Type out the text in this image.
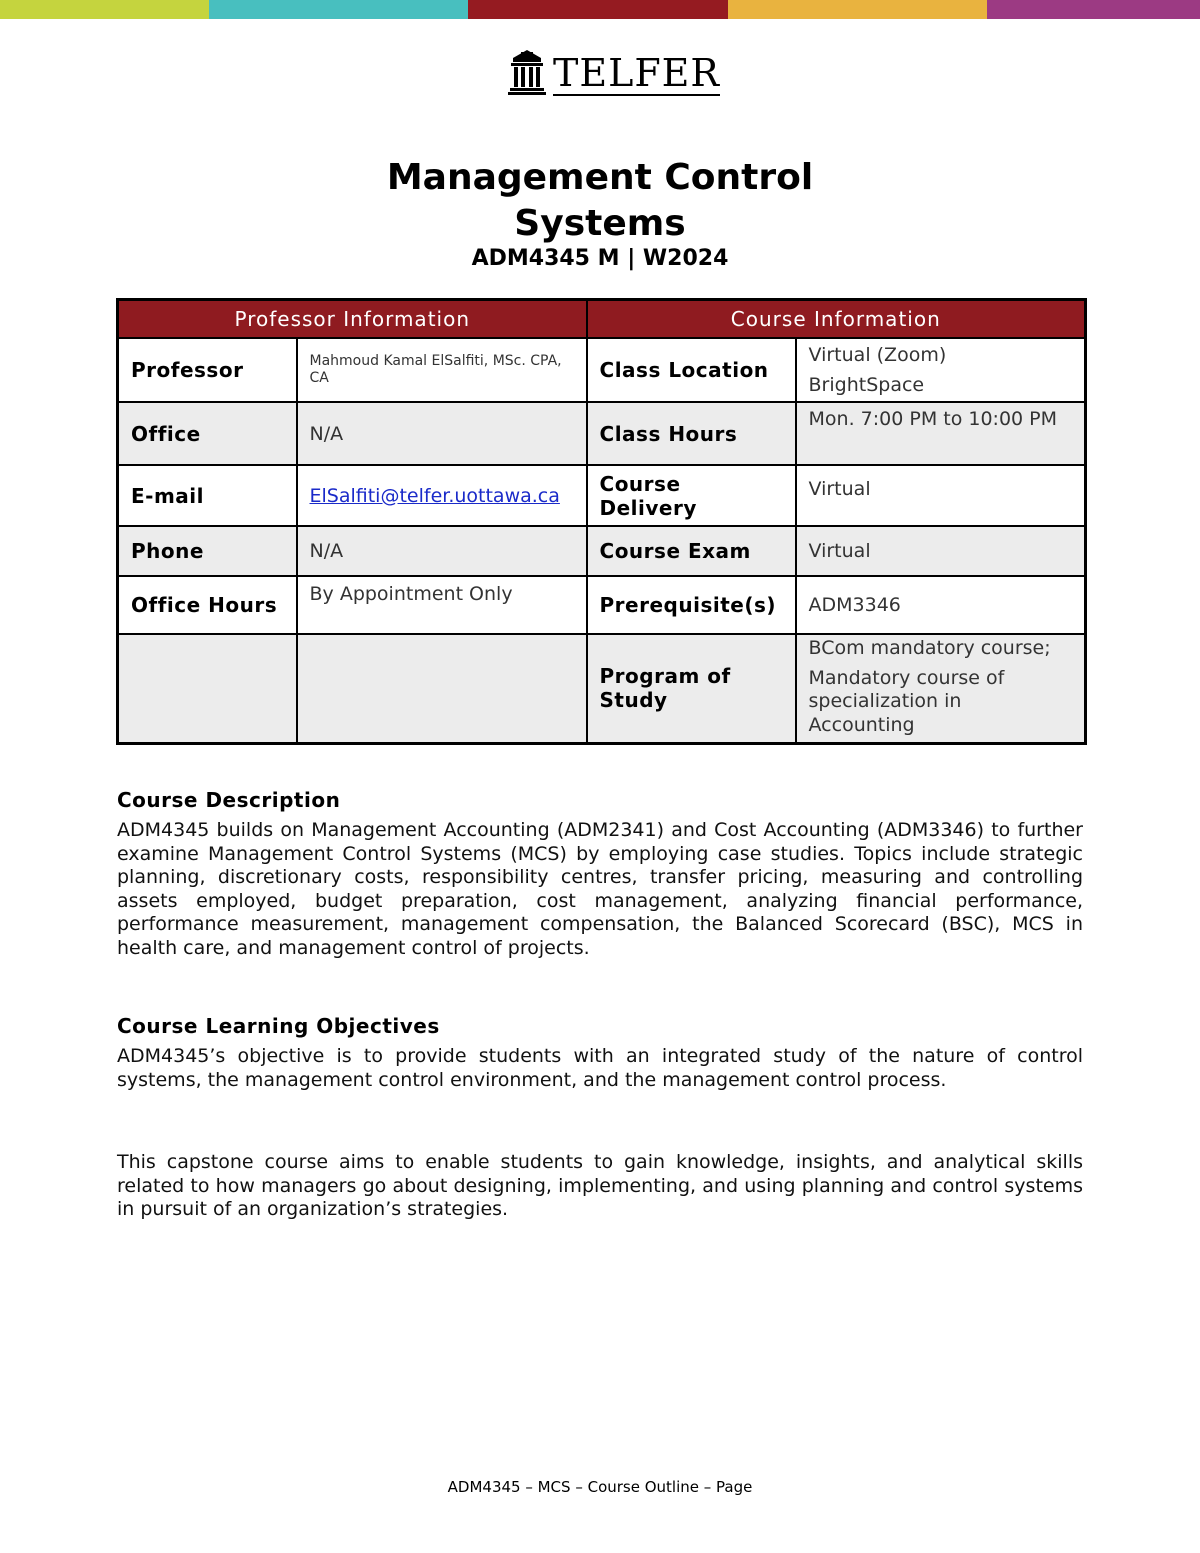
TELFER
Management Control
Systems
ADM4345 M | W2024
Professor Information		Course Information	
Professor	Mahmoud Kamal ElSalfiti, MSc. CPA, CA	Class Location	Virtual (Zoom)
BrightSpace

Office	N/A	Class Hours	Mon. 7:00 PM to 10:00 PM
E-mail	ElSalfiti@telfer.uottawa.ca	Course Delivery	Virtual
Phone	N/A	Course Exam	Virtual
Office Hours	By Appointment Only	Prerequisite(s)	ADM3346
		Program of Study	BCom mandatory course;
Mandatory course of specialization in Accounting
Course Description
ADM4345 builds on Management Accounting (ADM2341) and Cost Accounting (ADM3346) to further examine Management Control Systems (MCS) by employing case studies. Topics include strategic planning, discretionary costs, responsibility centres, transfer pricing, measuring and controlling assets employed, budget preparation, cost management, analyzing financial performance, performance measurement, management compensation, the Balanced Scorecard (BSC), MCS in health care, and management control of projects.
Course Learning Objectives
ADM4345’s objective is to provide students with an integrated study of the nature of control systems, the management control environment, and the management control process.
This capstone course aims to enable students to gain knowledge, insights, and analytical skills related to how managers go about designing, implementing, and using planning and control systems in pursuit of an organization’s strategies.
ADM4345 – MCS – Course Outline – Page
